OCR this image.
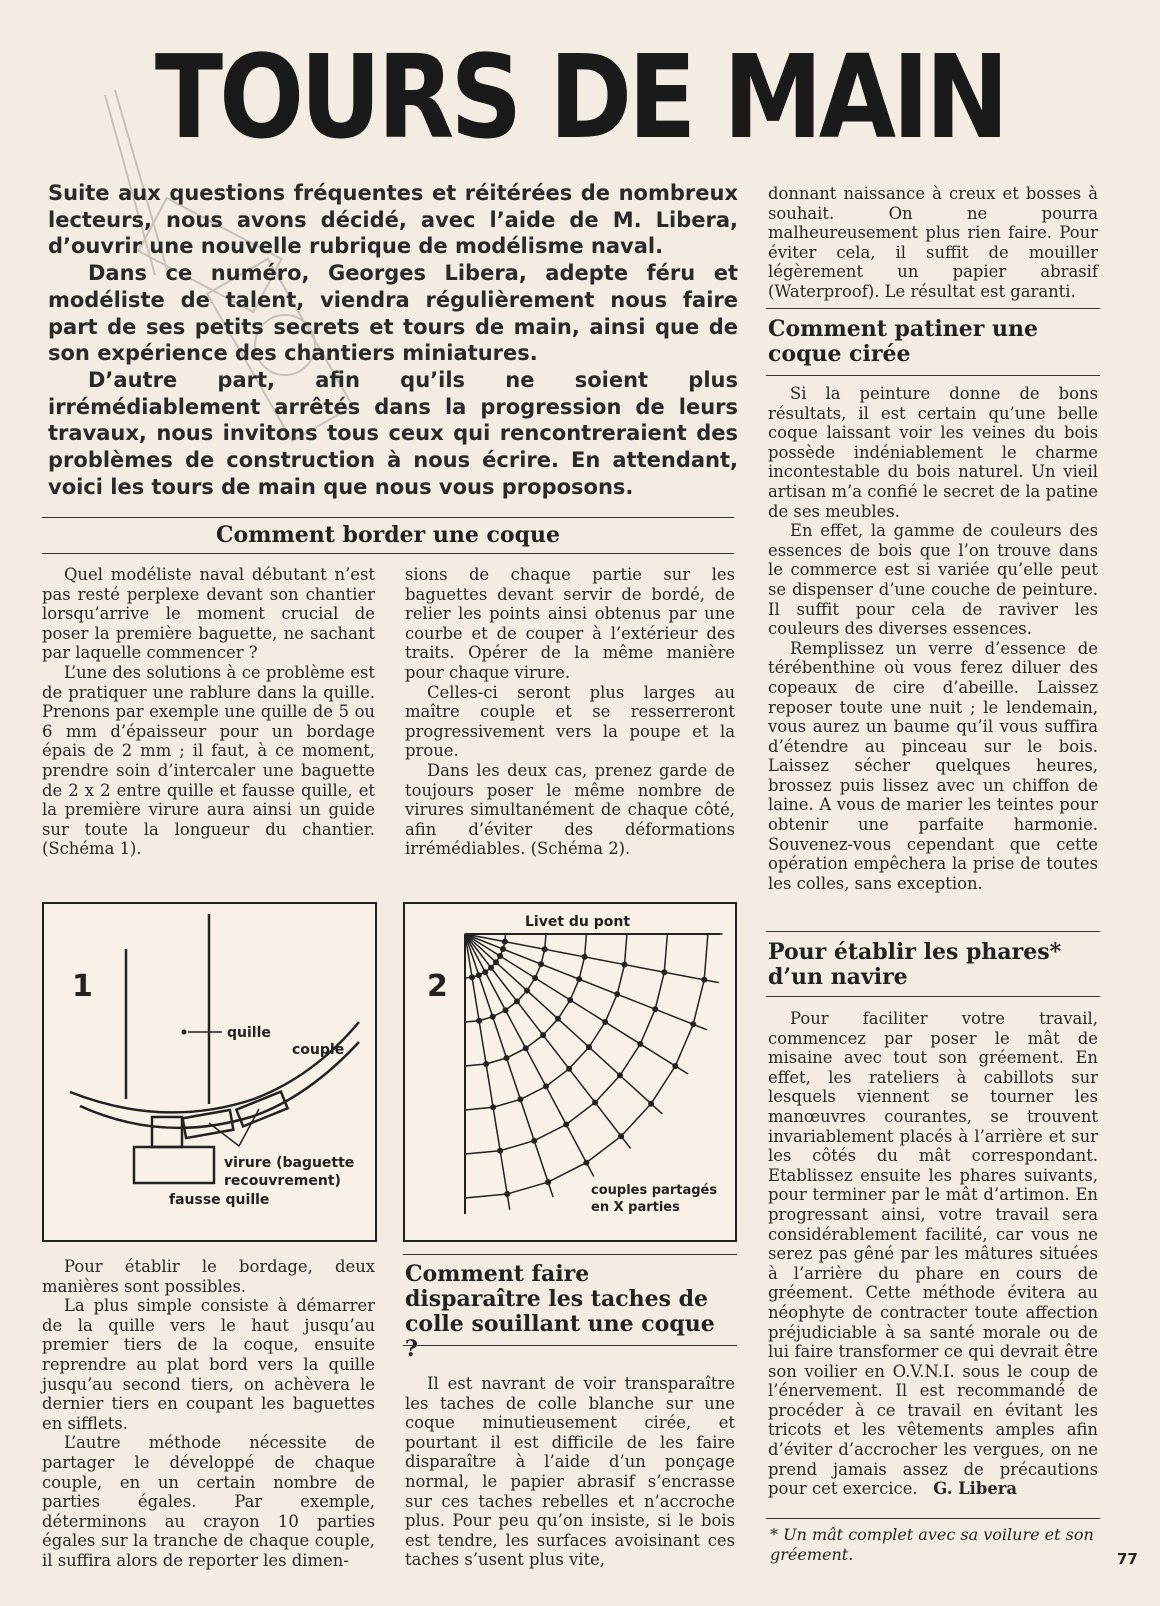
TOURS DE MAIN

Suite aux questions fréquentes et réitérées de nombreux lecteurs, nous avons décidé, avec l’aide de M. Libera, d’ouvrir une nouvelle rubrique de modélisme naval.

Dans ce numéro, Georges Libera, adepte féru et modéliste de talent, viendra régulièrement nous faire part de ses petits secrets et tours de main, ainsi que de son expérience des chantiers miniatures.

D’autre part, afin qu’ils ne soient plus irrémédiablement arrêtés dans la progression de leurs travaux, nous invitons tous ceux qui rencontreraient des problèmes de construction à nous écrire. En attendant, voici les tours de main que nous vous proposons.

Comment border une coque

Quel modéliste naval débutant n’est pas resté perplexe devant son chantier lorsqu’arrive le moment crucial de poser la première baguette, ne sachant par laquelle commencer ?

L’une des solutions à ce problème est de pratiquer une rablure dans la quille. Prenons par exemple une quille de 5 ou 6 mm d’épaisseur pour un bordage épais de 2 mm ; il faut, à ce moment, prendre soin d’intercaler une baguette de 2 x 2 entre quille et fausse quille, et la première virure aura ainsi un guide sur toute la longueur du chantier. (Schéma 1).

sions de chaque partie sur les baguettes devant servir de bordé, de relier les points ainsi obtenus par une courbe et de couper à l’extérieur des traits. Opérer de la même manière pour chaque virure.

Celles-ci seront plus larges au maître couple et se resserreront progressivement vers la poupe et la proue.

Dans les deux cas, prenez garde de toujours poser le même nombre de virures simultanément de chaque côté, afin d’éviter des déformations irrémédiables. (Schéma 2).

1
quille
couple
virure (baguette
recouvrement)
fausse quille
Livet du pont
2
couples partagés
en X parties

Pour établir le bordage, deux manières sont possibles.

La plus simple consiste à démarrer de la quille vers le haut jusqu’au premier tiers de la coque, ensuite reprendre au plat bord vers la quille jusqu’au second tiers, on achèvera le dernier tiers en coupant les baguettes en sifflets.

L’autre méthode nécessite de partager le développé de chaque couple, en un certain nombre de parties égales. Par exemple, déterminons au crayon 10 parties égales sur la tranche de chaque couple, il suffira alors de reporter les dimen-

Comment faire disparaître les taches de colle souillant une coque ?

Il est navrant de voir transparaître les taches de colle blanche sur une coque minutieusement cirée, et pourtant il est difficile de les faire disparaître à l’aide d’un ponçage normal, le papier abrasif s’encrasse sur ces taches rebelles et n’accroche plus. Pour peu qu’on insiste, si le bois est tendre, les surfaces avoisinant ces taches s’usent plus vite,

donnant naissance à creux et bosses à souhait. On ne pourra malheureusement plus rien faire. Pour éviter cela, il suffit de mouiller légèrement un papier abrasif (Waterproof). Le résultat est garanti.

Comment patiner une coque cirée

Si la peinture donne de bons résultats, il est certain qu’une belle coque laissant voir les veines du bois possède indéniablement le charme incontestable du bois naturel. Un vieil artisan m’a confié le secret de la patine de ses meubles.

En effet, la gamme de couleurs des essences de bois que l’on trouve dans le commerce est si variée qu’elle peut se dispenser d’une couche de peinture. Il suffit pour cela de raviver les couleurs des diverses essences.

Remplissez un verre d’essence de térébenthine où vous ferez diluer des copeaux de cire d’abeille. Laissez reposer toute une nuit ; le lendemain, vous aurez un baume qu’il vous suffira d’étendre au pinceau sur le bois. Laissez sécher quelques heures, brossez puis lissez avec un chiffon de laine. A vous de marier les teintes pour obtenir une parfaite harmonie. Souvenez-vous cependant que cette opération empêchera la prise de toutes les colles, sans exception.

Pour établir les phares* d’un navire

Pour faciliter votre travail, commencez par poser le mât de misaine avec tout son gréement. En effet, les rateliers à cabillots sur lesquels viennent se tourner les manœuvres courantes, se trouvent invariablement placés à l’arrière et sur les côtés du mât correspondant. Etablissez ensuite les phares suivants, pour terminer par le mât d’artimon. En progressant ainsi, votre travail sera considérablement facilité, car vous ne serez pas gêné par les mâtures situées à l’arrière du phare en cours de gréement. Cette méthode évitera au néophyte de contracter toute affection préjudiciable à sa santé morale ou de lui faire transformer ce qui devrait être son voilier en O.V.N.I. sous le coup de l’énervement. Il est recommandé de procéder à ce travail en évitant les tricots et les vêtements amples afin d’éviter d’accrocher les vergues, on ne prend jamais assez de précautions pour cet exercice. G. Libera

* Un mât complet avec sa voilure et son gréement.	77
